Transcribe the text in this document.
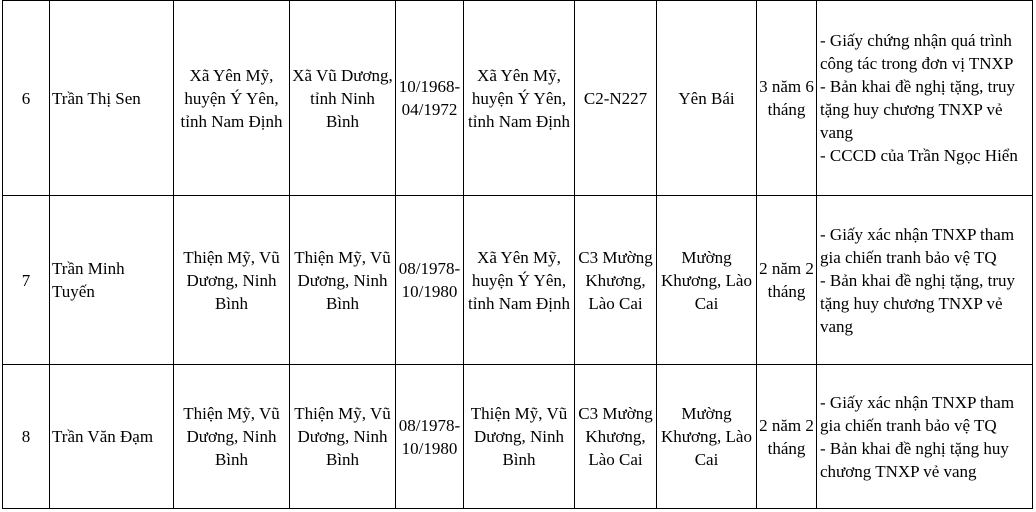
6	Trần Thị Sen	Xã Yên Mỹ, huyện Ý Yên, tỉnh Nam Định	Xã Vũ Dương, tỉnh Ninh Bình	10/1968-04/1972	Xã Yên Mỹ, huyện Ý Yên, tỉnh Nam Định	C2-N227	Yên Bái	3 năm 6 tháng	- Giấy chứng nhận quá trình công tác trong đơn vị TNXP
- Bản khai đề nghị tặng, truy tặng huy chương TNXP vẻ vang
- CCCD của Trần Ngọc Hiển

7	Trần Minh Tuyến	Thiện Mỹ, Vũ Dương, Ninh Bình	Thiện Mỹ, Vũ Dương, Ninh Bình	08/1978-10/1980	Xã Yên Mỹ, huyện Ý Yên, tỉnh Nam Định	C3 Mường Khương, Lào Cai	Mường Khương, Lào Cai	2 năm 2 tháng	- Giấy xác nhận TNXP tham gia chiến tranh bảo vệ TQ
- Bản khai đề nghị tặng, truy tặng huy chương TNXP vẻ vang

8	Trần Văn Đạm	Thiện Mỹ, Vũ Dương, Ninh Bình	Thiện Mỹ, Vũ Dương, Ninh Bình	08/1978-10/1980	Thiện Mỹ, Vũ Dương, Ninh Bình	C3 Mường Khương, Lào Cai	Mường Khương, Lào Cai	2 năm 2 tháng	- Giấy xác nhận TNXP tham gia chiến tranh bảo vệ TQ
- Bản khai đề nghị tặng huy chương TNXP vẻ vang
